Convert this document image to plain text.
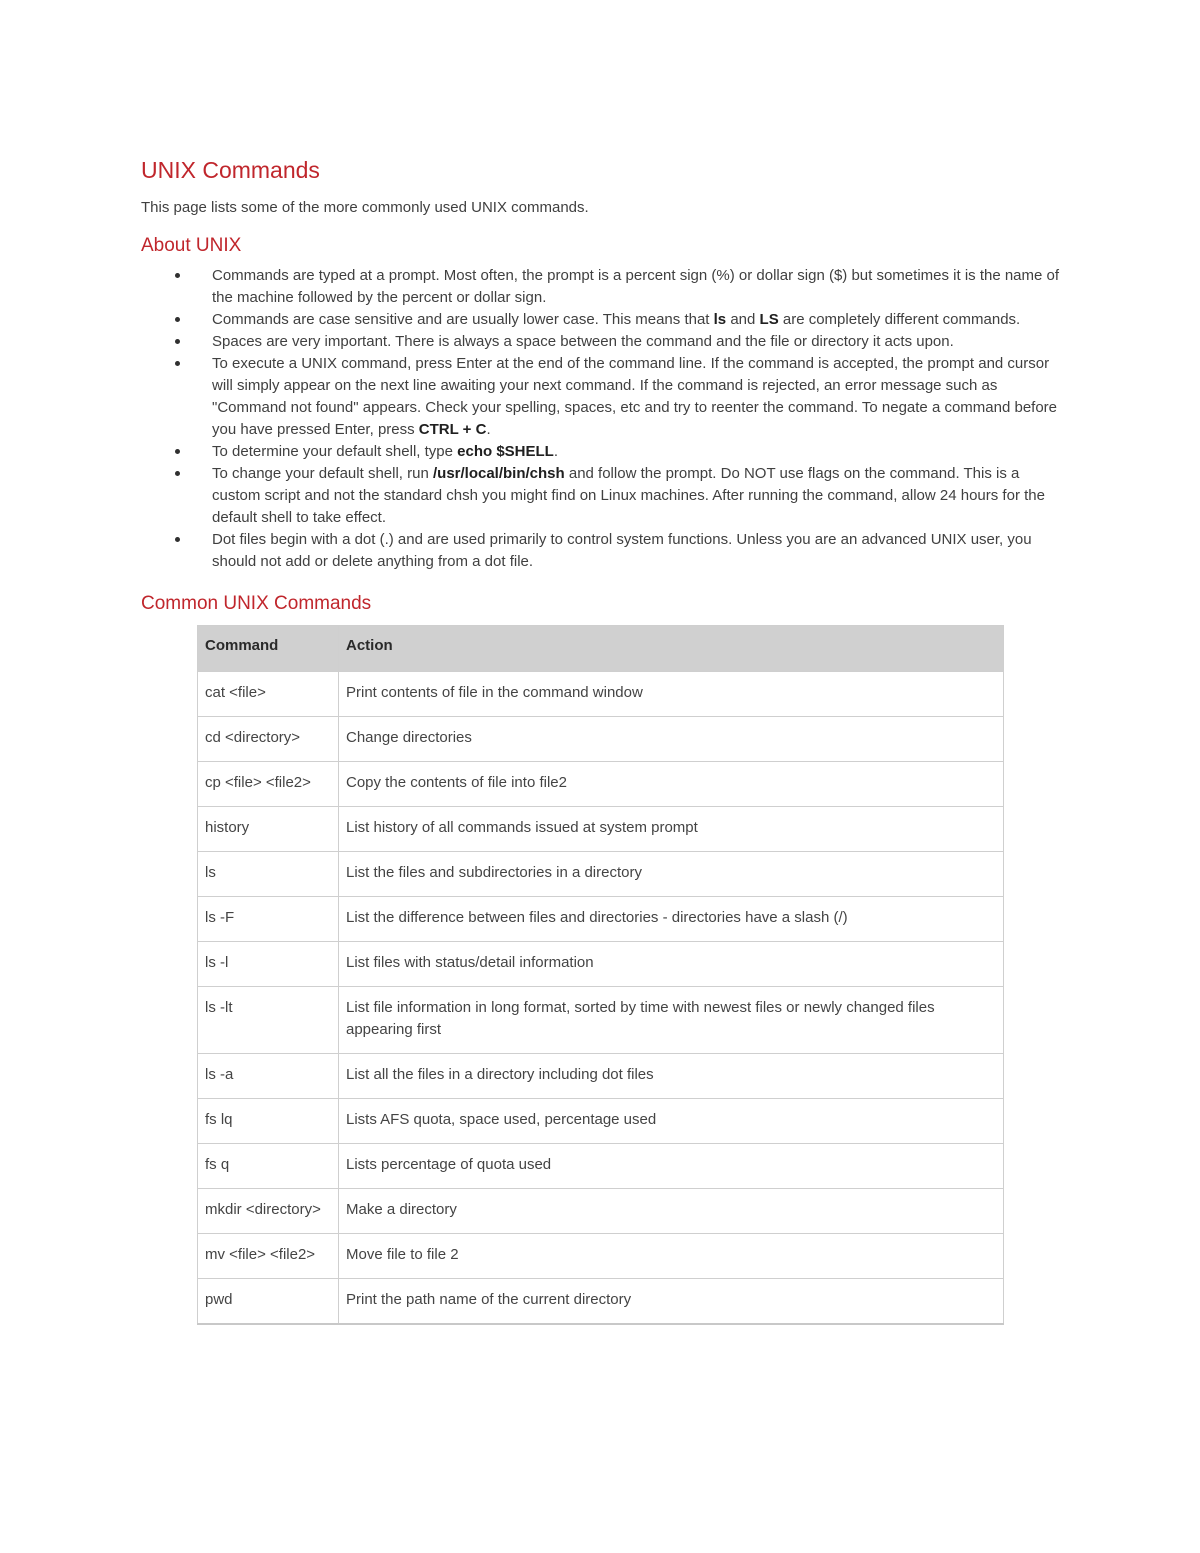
UNIX Commands

This page lists some of the more commonly used UNIX commands.

About UNIX
Commands are typed at a prompt. Most often, the prompt is a percent sign (%) or dollar sign ($) but sometimes it is the name of the machine followed by the percent or dollar sign.
Commands are case sensitive and are usually lower case. This means that ls and LS are completely different commands.
Spaces are very important. There is always a space between the command and the file or directory it acts upon.
To execute a UNIX command, press Enter at the end of the command line. If the command is accepted, the prompt and cursor will simply appear on the next line awaiting your next command. If the command is rejected, an error message such as "Command not found" appears. Check your spelling, spaces, etc and try to reenter the command. To negate a command before you have pressed Enter, press CTRL + C.
To determine your default shell, type echo $SHELL.
To change your default shell, run /usr/local/bin/chsh and follow the prompt. Do NOT use flags on the command. This is a custom script and not the standard chsh you might find on Linux machines. After running the command, allow 24 hours for the default shell to take effect.
Dot files begin with a dot (.) and are used primarily to control system functions. Unless you are an advanced UNIX user, you should not add or delete anything from a dot file.
Common UNIX Commands
Command	Action
cat <file>	Print contents of file in the command window
cd <directory>	Change directories
cp <file> <file2>	Copy the contents of file into file2
history	List history of all commands issued at system prompt
ls	List the files and subdirectories in a directory
ls -F	List the difference between files and directories - directories have a slash (/)
ls -l	List files with status/detail information
ls -lt	List file information in long format, sorted by time with newest files or newly changed files appearing first
ls -a	List all the files in a directory including dot files
fs lq	Lists AFS quota, space used, percentage used
fs q	Lists percentage of quota used
mkdir <directory>	Make a directory
mv <file> <file2>	Move file to file 2
pwd	Print the path name of the current directory
